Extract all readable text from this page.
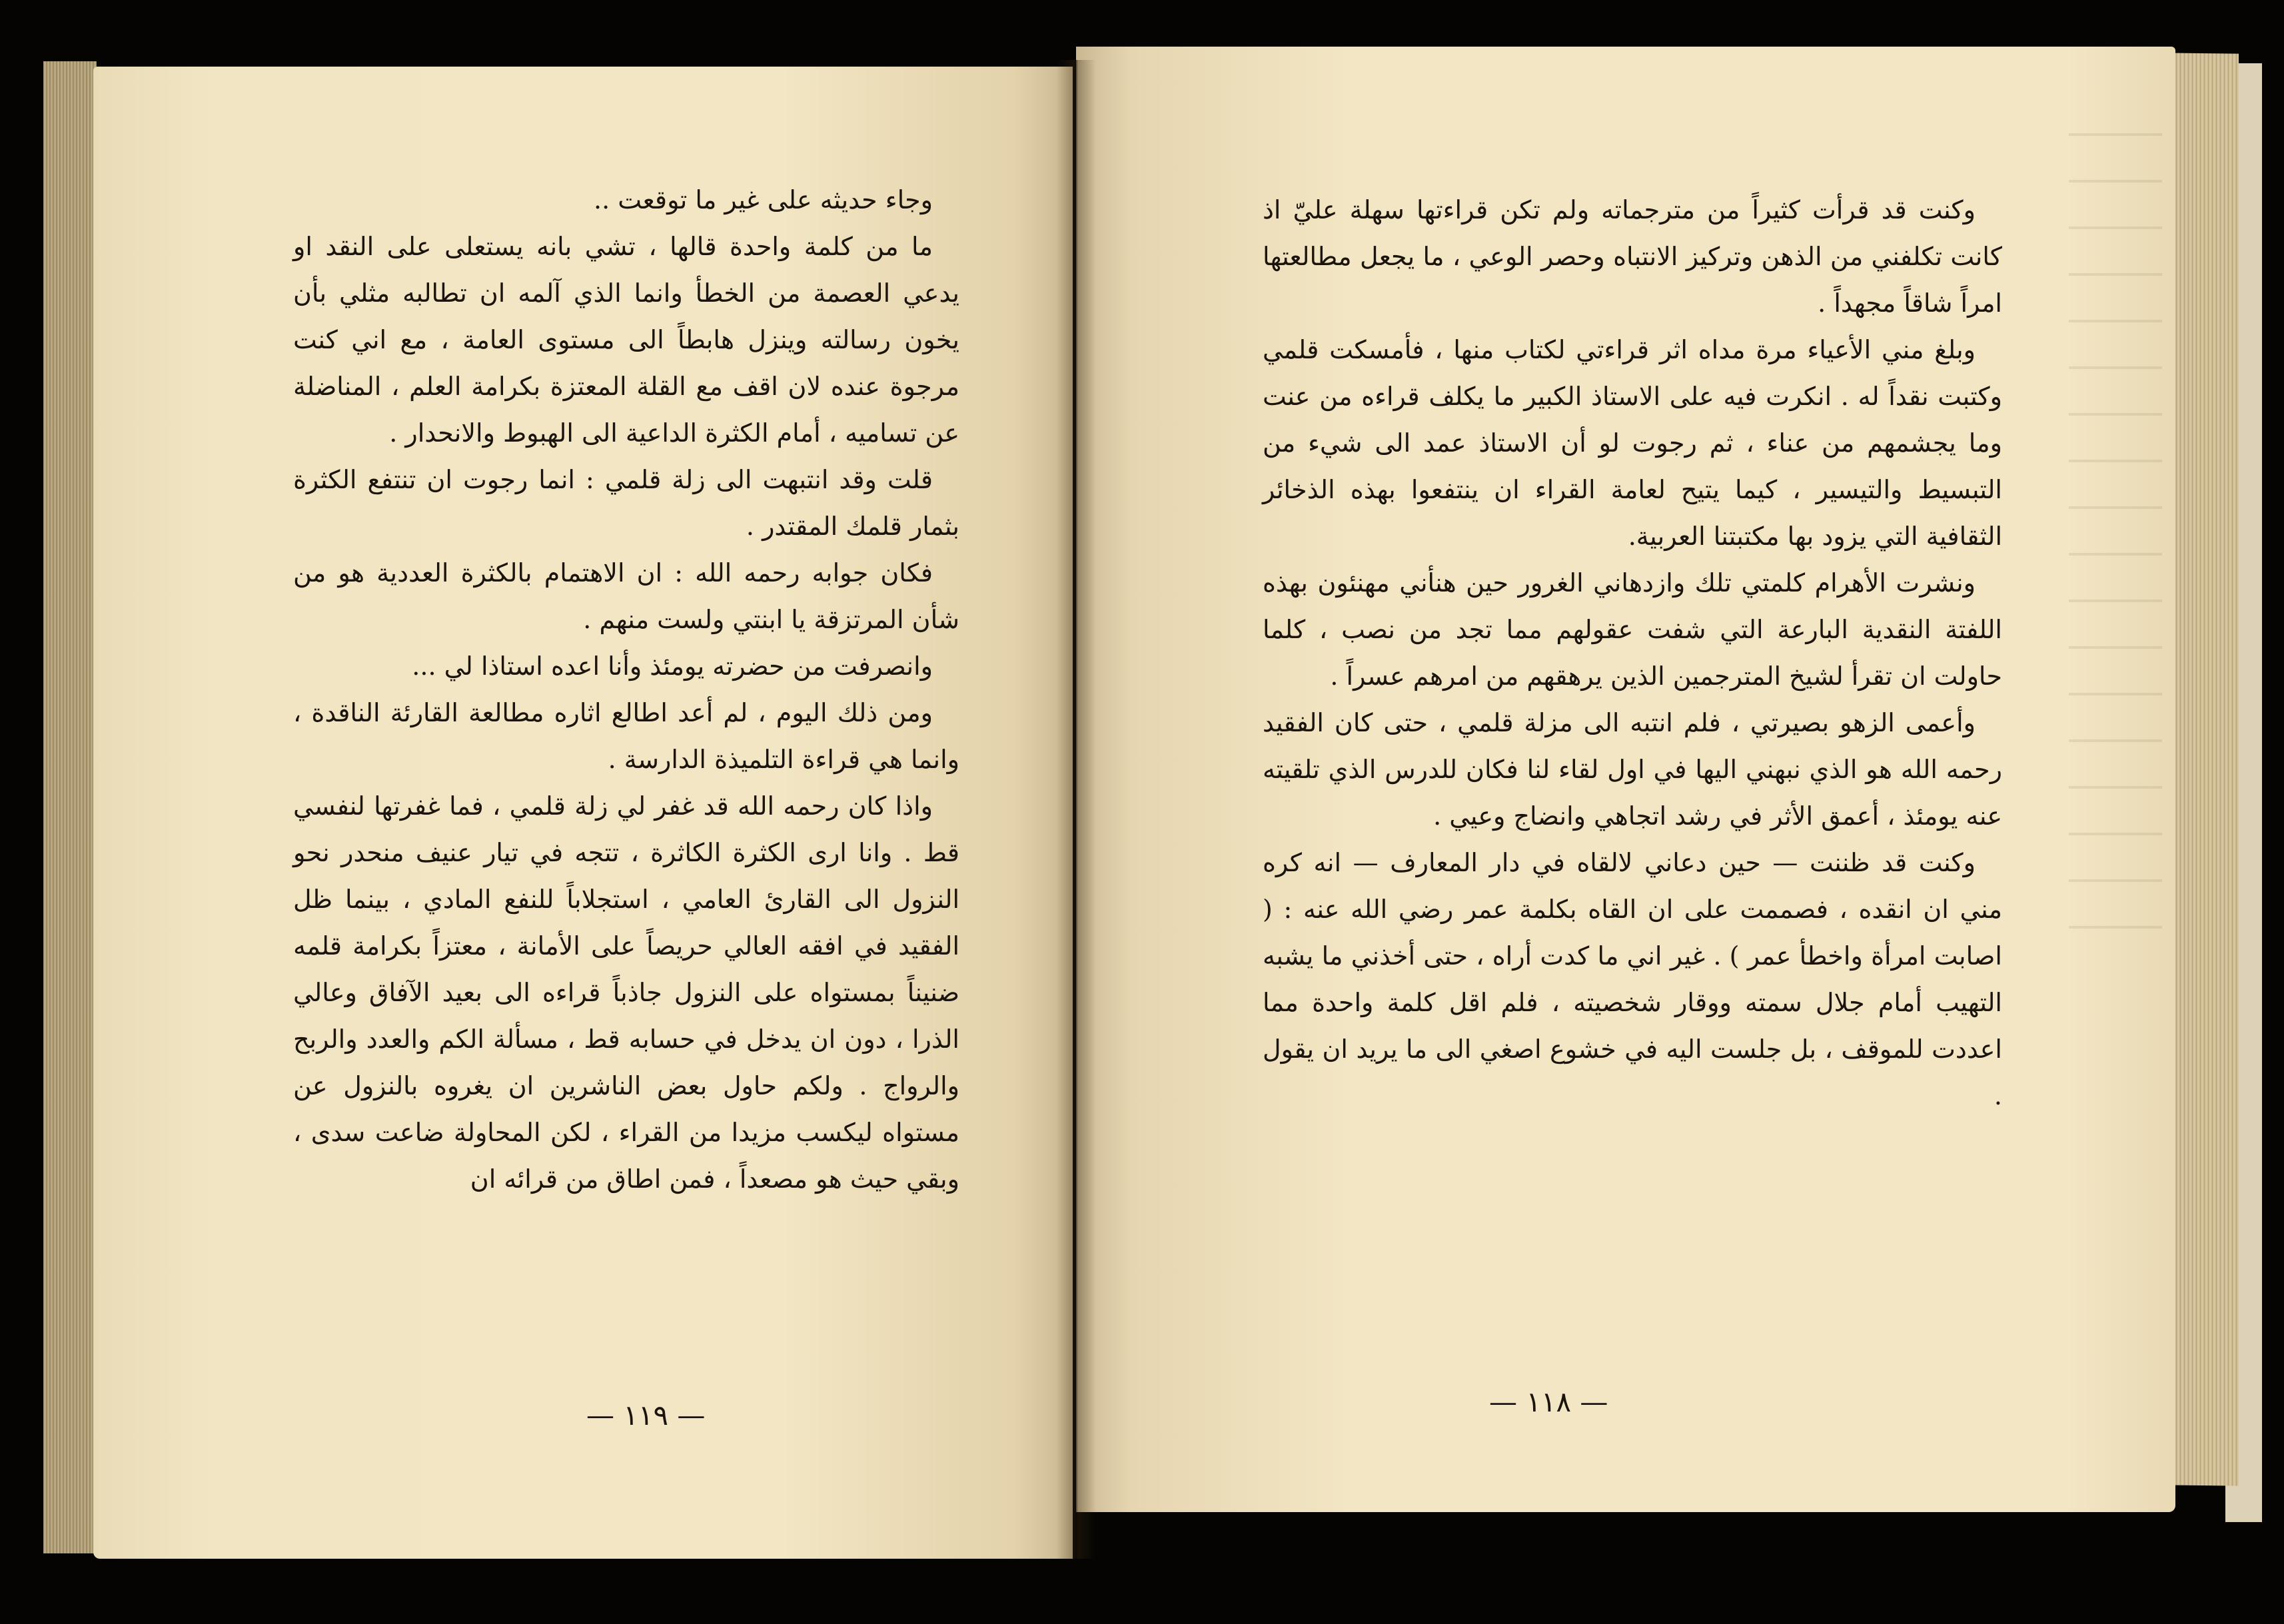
وجاء حديثه على غير ما توقعت ..

ما من كلمة واحدة قالها ، تشي بانه يستعلى على النقد او يدعي العصمة من الخطأ وانما الذي آلمه ان تطالبه مثلي بأن يخون رسالته وينزل هابطاً الى مستوى العامة ، مع اني كنت مرجوة عنده لان اقف مع القلة المعتزة بكرامة العلم ، المناضلة عن تساميه ، أمام الكثرة الداعية الى الهبوط والانحدار .

قلت وقد انتبهت الى زلة قلمي : انما رجوت ان تنتفع الكثرة بثمار قلمك المقتدر .

فكان جوابه رحمه الله : ان الاهتمام بالكثرة العددية هو من شأن المرتزقة يا ابنتي ولست منهم .

وانصرفت من حضرته يومئذ وأنا اعده استاذا لي ...

ومن ذلك اليوم ، لم أعد اطالع اثاره مطالعة القارئة الناقدة ، وانما هي قراءة التلميذة الدارسة .

واذا كان رحمه الله قد غفر لي زلة قلمي ، فما غفرتها لنفسي قط . وانا ارى الكثرة الكاثرة ، تتجه في تيار عنيف منحدر نحو النزول الى القارئ العامي ، استجلاباً للنفع المادي ، بينما ظل الفقيد في افقه العالي حريصاً على الأمانة ، معتزاً بكرامة قلمه ضنيناً بمستواه على النزول جاذباً قراءه الى بعيد الآفاق وعالي الذرا ، دون ان يدخل في حسابه قط ، مسألة الكم والعدد والربح والرواج . ولكم حاول بعض الناشرين ان يغروه بالنزول عن مستواه ليكسب مزيدا من القراء ، لكن المحاولة ضاعت سدى ، وبقي حيث هو مصعداً ، فمن اطاق من قرائه ان

— ١١٩ —

وكنت قد قرأت كثيراً من مترجماته ولم تكن قراءتها سهلة عليّ اذ كانت تكلفني من الذهن وتركيز الانتباه وحصر الوعي ، ما يجعل مطالعتها امراً شاقاً مجهداً .

وبلغ مني الأعياء مرة مداه اثر قراءتي لكتاب منها ، فأمسكت قلمي وكتبت نقداً له . انكرت فيه على الاستاذ الكبير ما يكلف قراءه من عنت وما يجشمهم من عناء ، ثم رجوت لو أن الاستاذ عمد الى شيء من التبسيط والتيسير ، كيما يتيح لعامة القراء ان ينتفعوا بهذه الذخائر الثقافية التي يزود بها مكتبتنا العربية.

ونشرت الأهرام كلمتي تلك وازدهاني الغرور حين هنأني مهنئون بهذه اللفتة النقدية البارعة التي شفت عقولهم مما تجد من نصب ، كلما حاولت ان تقرأ لشيخ المترجمين الذين يرهقهم من امرهم عسراً .

وأعمى الزهو بصيرتي ، فلم انتبه الى مزلة قلمي ، حتى كان الفقيد رحمه الله هو الذي نبهني اليها في اول لقاء لنا فكان للدرس الذي تلقيته عنه يومئذ ، أعمق الأثر في رشد اتجاهي وانضاج وعيي .

وكنت قد ظننت — حين دعاني لالقاه في دار المعارف — انه كره مني ان انقده ، فصممت على ان القاه بكلمة عمر رضي الله عنه : ( اصابت امرأة واخطأ عمر ) . غير اني ما كدت أراه ، حتى أخذني ما يشبه التهيب أمام جلال سمته ووقار شخصيته ، فلم اقل كلمة واحدة مما اعددت للموقف ، بل جلست اليه في خشوع اصغي الى ما يريد ان يقول .

— ١١٨ —
